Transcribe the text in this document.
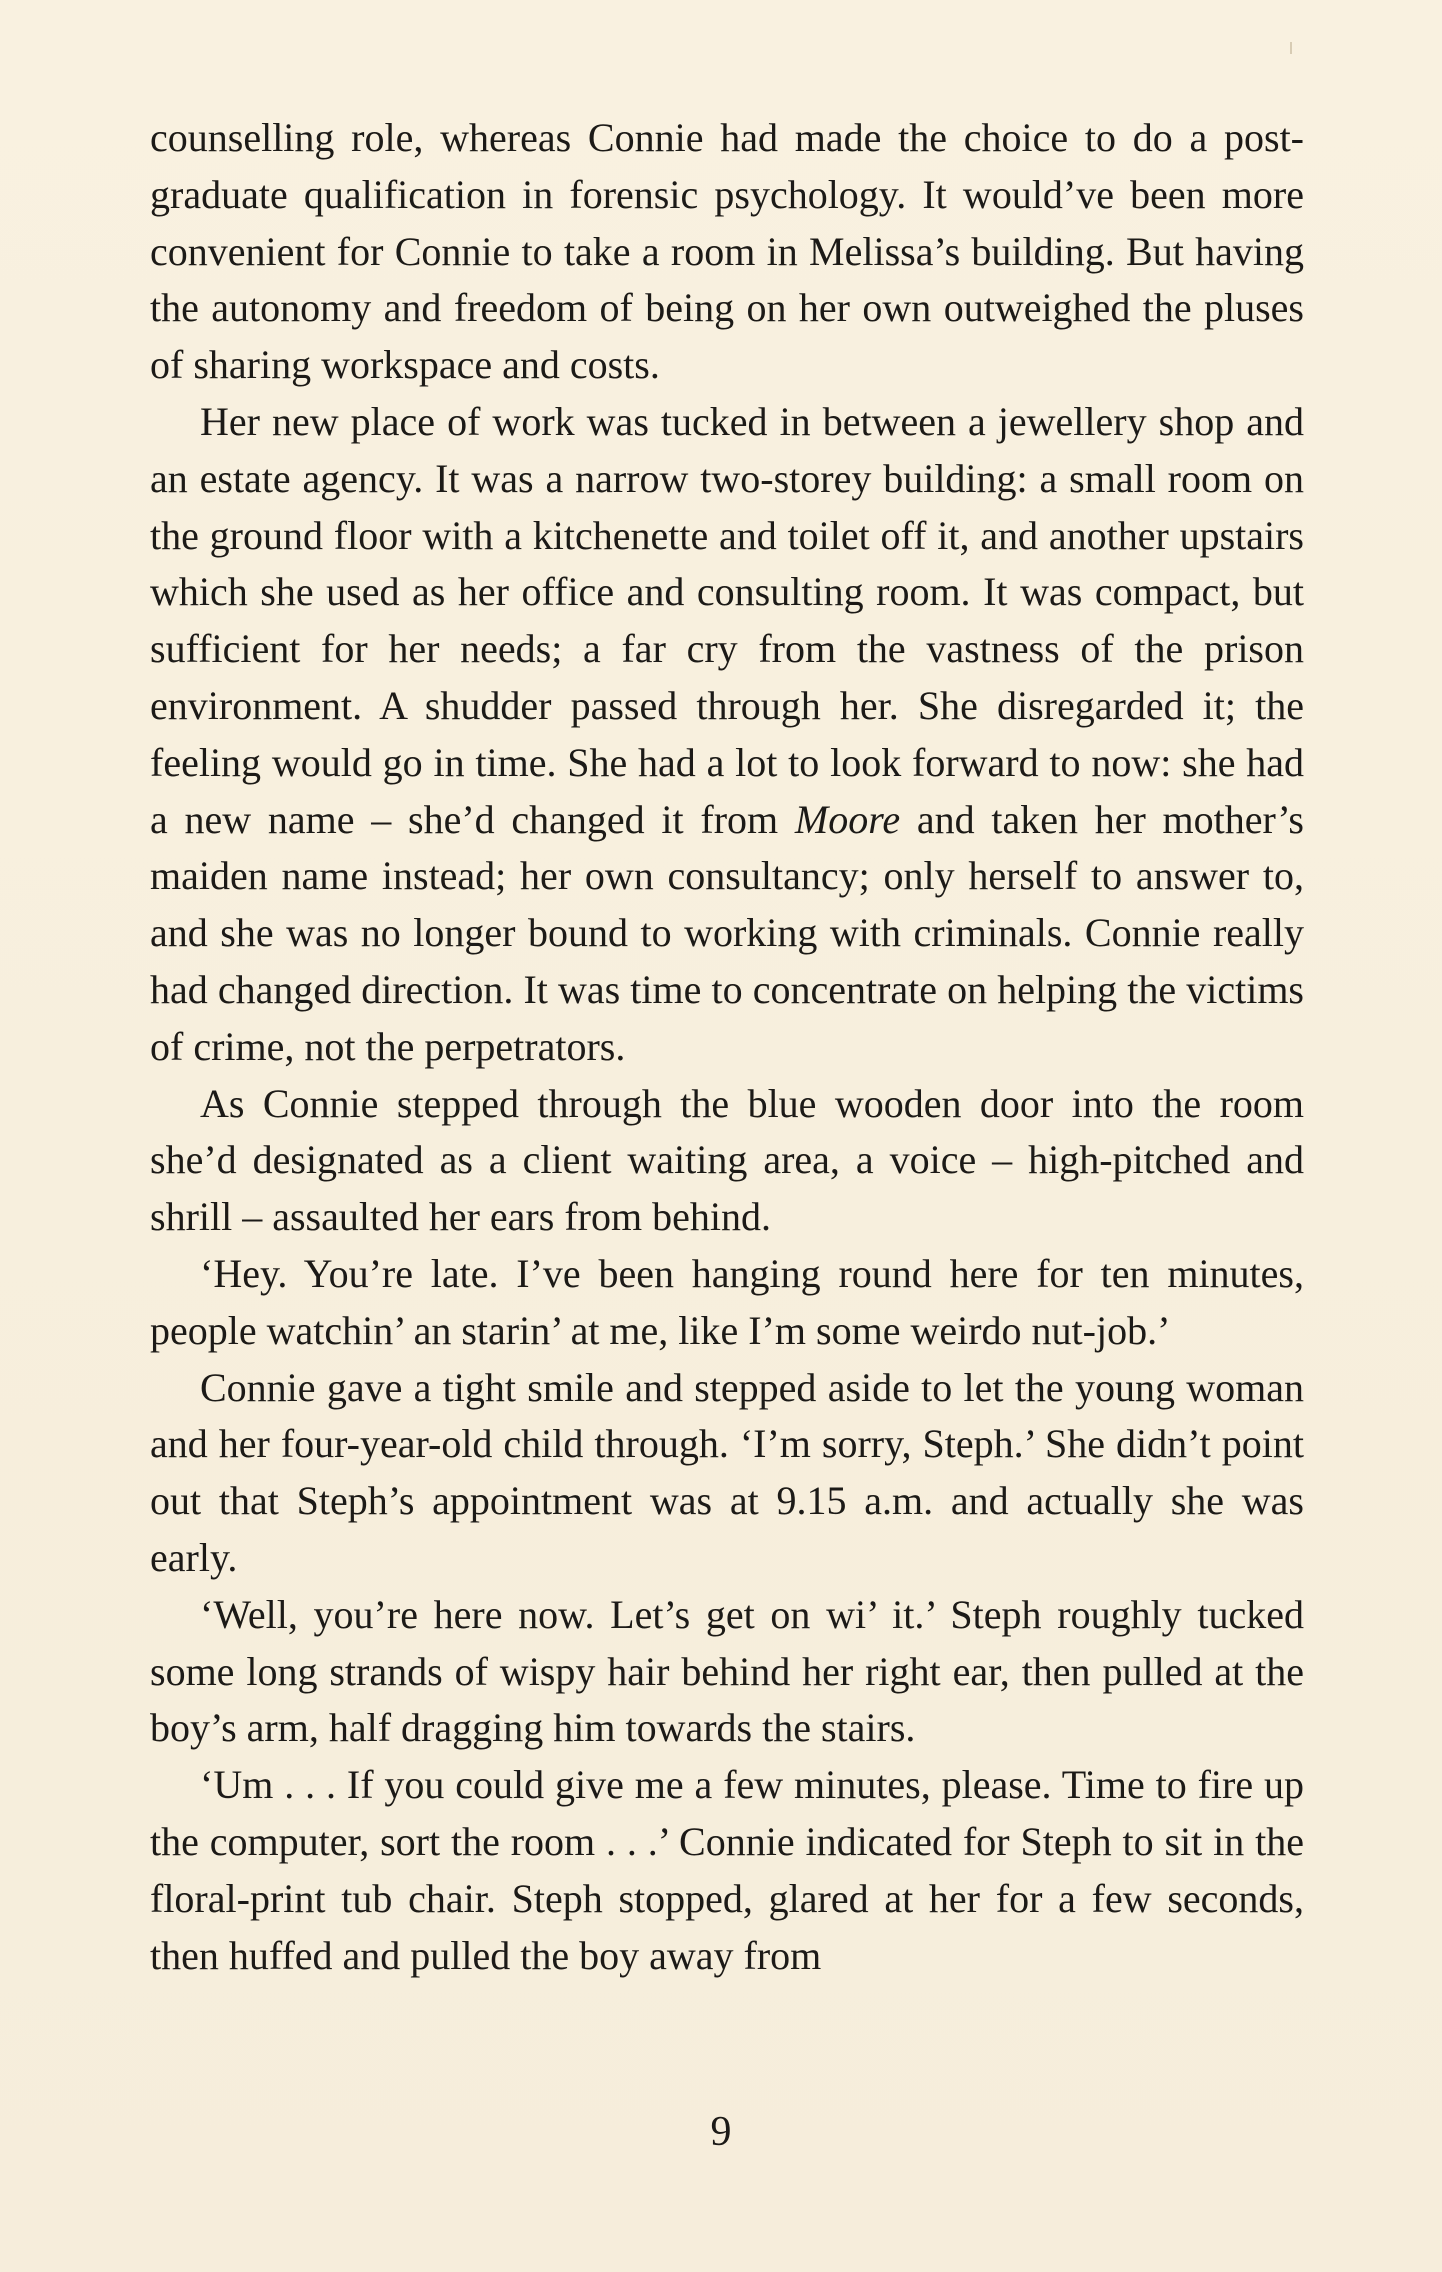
counselling role, whereas Connie had made the choice to do a post-graduate qualification in forensic psychology. It would’ve been more convenient for Connie to take a room in Melissa’s building. But having the autonomy and freedom of being on her own outweighed the pluses of sharing workspace and costs.

Her new place of work was tucked in between a jewellery shop and an estate agency. It was a narrow two-storey building: a small room on the ground floor with a kitchenette and toilet off it, and another upstairs which she used as her office and consulting room. It was compact, but sufficient for her needs; a far cry from the vastness of the prison environment. A shudder passed through her. She disregarded it; the feeling would go in time. She had a lot to look forward to now: she had a new name – she’d changed it from Moore and taken her mother’s maiden name instead; her own consultancy; only herself to answer to, and she was no longer bound to working with criminals. Connie really had changed direction. It was time to concentrate on helping the victims of crime, not the perpetrators.

As Connie stepped through the blue wooden door into the room she’d designated as a client waiting area, a voice – high-pitched and shrill – assaulted her ears from behind.

‘Hey. You’re late. I’ve been hanging round here for ten minutes, people watchin’ an starin’ at me, like I’m some weirdo nut-job.’

Connie gave a tight smile and stepped aside to let the young woman and her four-year-old child through. ‘I’m sorry, Steph.’ She didn’t point out that Steph’s appointment was at 9.15 a.m. and actually she was early.

‘Well, you’re here now. Let’s get on wi’ it.’ Steph roughly tucked some long strands of wispy hair behind her right ear, then pulled at the boy’s arm, half dragging him towards the stairs.

‘Um . . . If you could give me a few minutes, please. Time to fire up the computer, sort the room . . .’ Connie indicated for Steph to sit in the floral-print tub chair. Steph stopped, glared at her for a few seconds, then huffed and pulled the boy away from

9
